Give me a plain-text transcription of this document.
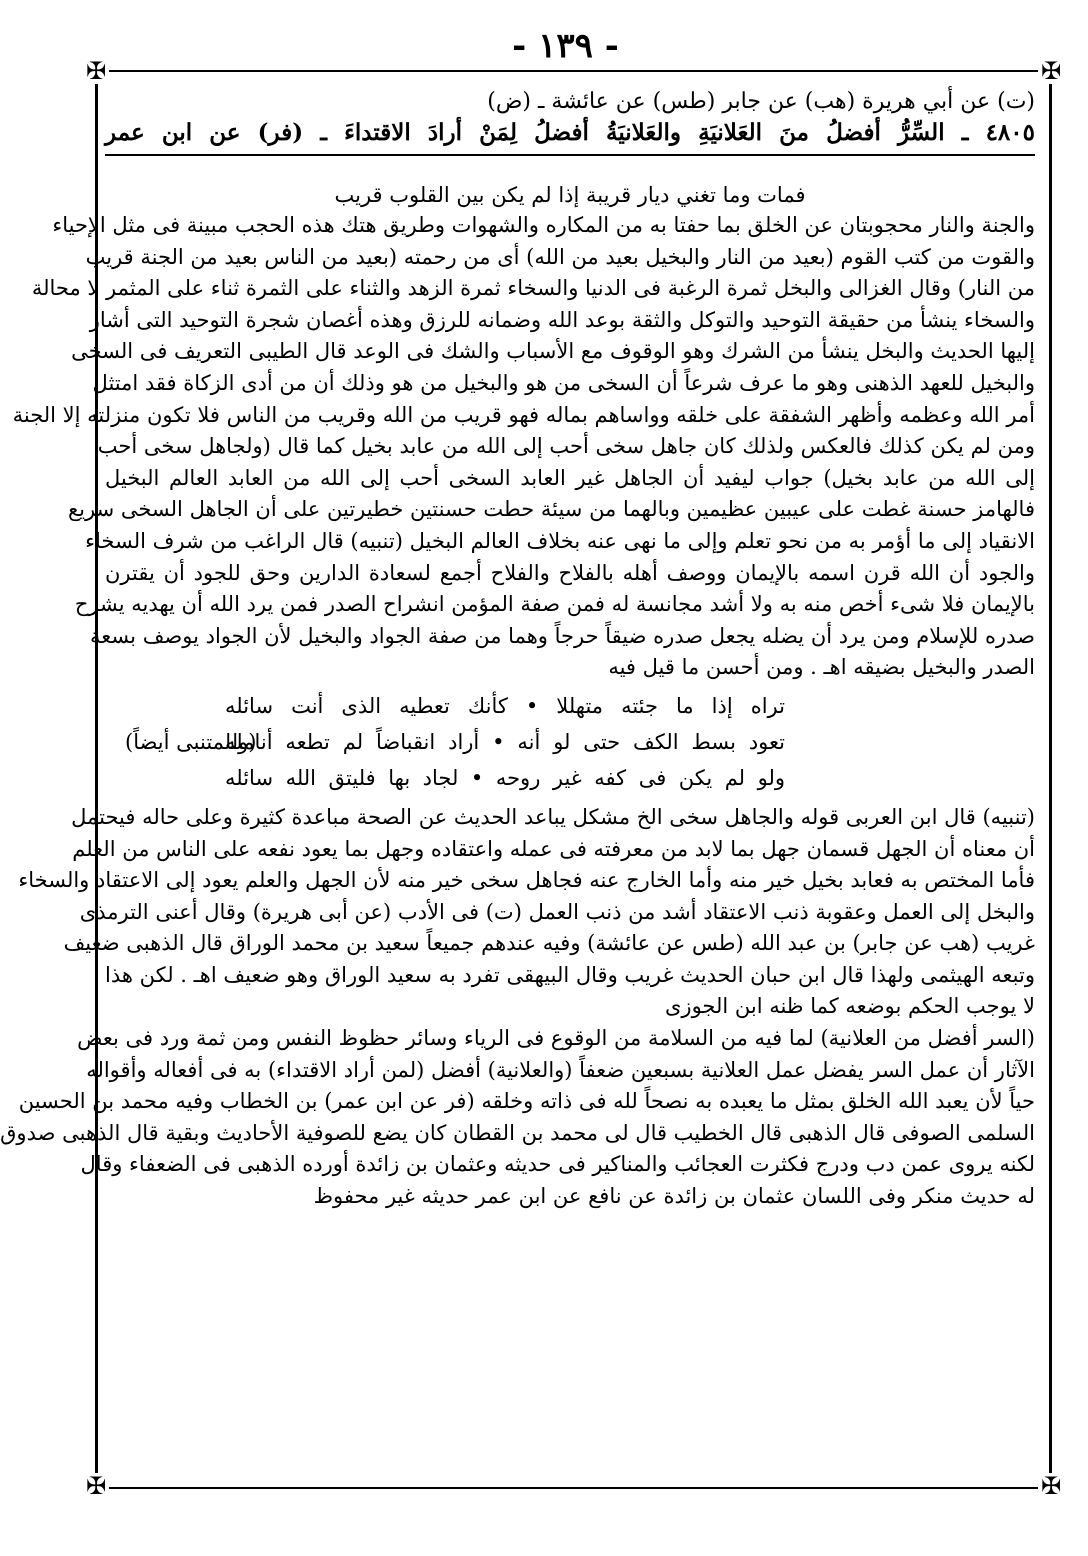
- ١٣٩ -
✠	✠
✠	✠
(ت) عن أبي هريرة (هب) عن جابر (طس) عن عائشة ـ (ض)
٤٨٠٥ ـ السِّرُّ أفضلُ منَ العَلانيَةِ والعَلانيَةُ أفضلُ لِمَنْ أرادَ الاقتداءَ ـ (فر) عن ابن عمر
فمات وما تغني ديار قريبة إذا لم يكن بين القلوب قريب
والجنة والنار محجوبتان عن الخلق بما حفتا به من المكاره والشهوات وطريق هتك هذه الحجب مبينة فى مثل الإحياء
والقوت من كتب القوم (بعيد من النار والبخيل بعيد من الله) أى من رحمته (بعيد من الناس بعيد من الجنة قريب
من النار) وقال الغزالى والبخل ثمرة الرغبة فى الدنيا والسخاء ثمرة الزهد والثناء على الثمرة ثناء على المثمر لا محالة
والسخاء ينشأ من حقيقة التوحيد والتوكل والثقة بوعد الله وضمانه للرزق وهذه أغصان شجرة التوحيد التى أشار
إليها الحديث والبخل ينشأ من الشرك وهو الوقوف مع الأسباب والشك فى الوعد قال الطيبى التعريف فى السخى
والبخيل للعهد الذهنى وهو ما عرف شرعاً أن السخى من هو والبخيل من هو وذلك أن من أدى الزكاة فقد امتثل
أمر الله وعظمه وأظهر الشفقة على خلقه وواساهم بماله فهو قريب من الله وقريب من الناس فلا تكون منزلته إلا الجنة
ومن لم يكن كذلك فالعكس ولذلك كان جاهل سخى أحب إلى الله من عابد بخيل كما قال (ولجاهل سخى أحب
إلى الله من عابد بخيل) جواب ليفيد أن الجاهل غير العابد السخى أحب إلى الله من العابد العالم البخيل
فالهامز حسنة غطت على عيبين عظيمين وبالهما من سيئة حطت حسنتين خطيرتين على أن الجاهل السخى سريع
الانقياد إلى ما أؤمر به من نحو تعلم وإلى ما نهى عنه بخلاف العالم البخيل (تنبيه) قال الراغب من شرف السخاء
والجود أن الله قرن اسمه بالإيمان ووصف أهله بالفلاح والفلاح أجمع لسعادة الدارين وحق للجود أن يقترن
بالإيمان فلا شىء أخص منه به ولا أشد مجانسة له فمن صفة المؤمن انشراح الصدر فمن يرد الله أن يهديه يشرح
صدره للإسلام ومن يرد أن يضله يجعل صدره ضيقاً حرجاً وهما من صفة الجواد والبخيل لأن الجواد يوصف بسعة
الصدر والبخيل بضيقه اهـ . ومن أحسن ما قيل فيه
تراه إذا ما جئته متهللا • كأنك تعطيه الذى أنت سائله
تعود بسط الكف حتى لو أنه • أراد انقباضاً لم تطعه أنامله
ولو لم يكن فى كفه غير روحه • لجاد بها فليتق الله سائله
(وللمتنبى أيضاً)
(تنبيه) قال ابن العربى قوله والجاهل سخى الخ مشكل يباعد الحديث عن الصحة مباعدة كثيرة وعلى حاله فيحتمل
أن معناه أن الجهل قسمان جهل بما لابد من معرفته فى عمله واعتقاده وجهل بما يعود نفعه على الناس من العلم
فأما المختص به فعابد بخيل خير منه وأما الخارج عنه فجاهل سخى خير منه لأن الجهل والعلم يعود إلى الاعتقاد والسخاء
والبخل إلى العمل وعقوبة ذنب الاعتقاد أشد من ذنب العمل (ت) فى الأدب (عن أبى هريرة) وقال أعنى الترمذى
غريب (هب عن جابر) بن عبد الله (طس عن عائشة) وفيه عندهم جميعاً سعيد بن محمد الوراق قال الذهبى ضعيف
وتبعه الهيثمى ولهذا قال ابن حبان الحديث غريب وقال البيهقى تفرد به سعيد الوراق وهو ضعيف اهـ . لكن هذا
لا يوجب الحكم بوضعه كما ظنه ابن الجوزى
(السر أفضل من العلانية) لما فيه من السلامة من الوقوع فى الرياء وسائر حظوظ النفس ومن ثمة ورد فى بعض
الآثار أن عمل السر يفضل عمل العلانية بسبعين ضعفاً (والعلانية) أفضل (لمن أراد الاقتداء) به فى أفعاله وأقواله
حياً لأن يعبد الله الخلق بمثل ما يعبده به نصحاً لله فى ذاته وخلقه (فر عن ابن عمر) بن الخطاب وفيه محمد بن الحسين
السلمى الصوفى قال الذهبى قال الخطيب قال لى محمد بن القطان كان يضع للصوفية الأحاديث وبقية قال الذهبى صدوق
لكنه يروى عمن دب ودرج فكثرت العجائب والمناكير فى حديثه وعثمان بن زائدة أورده الذهبى فى الضعفاء وقال
له حديث منكر وفى اللسان عثمان بن زائدة عن نافع عن ابن عمر حديثه غير محفوظ
